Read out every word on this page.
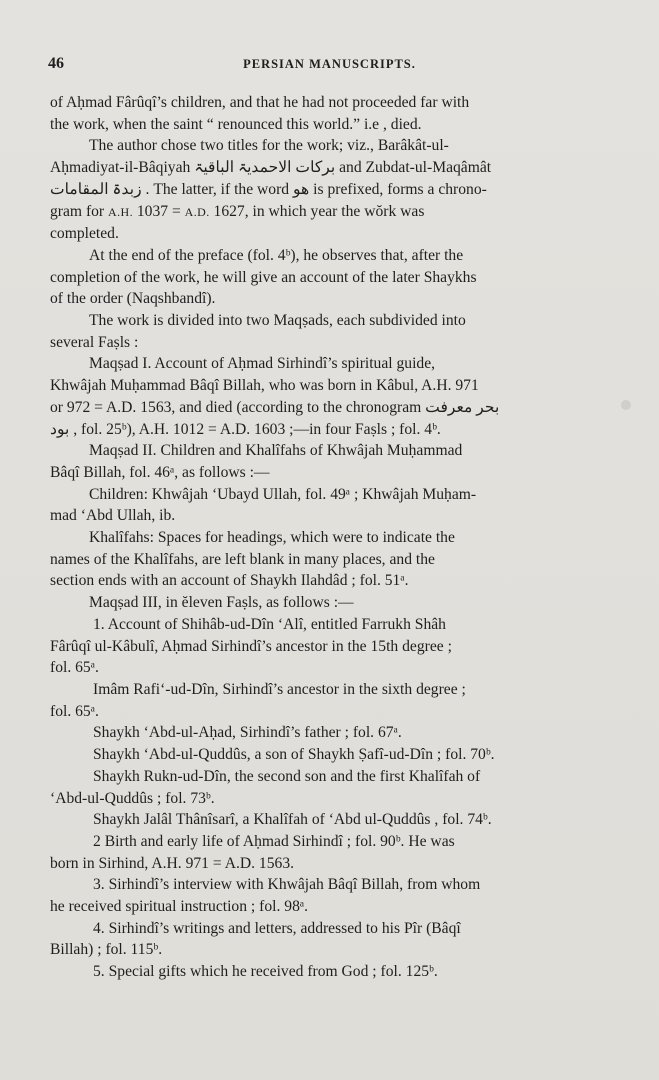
46	PERSIAN MANUSCRIPTS.

of Aḥmad Fârûqî’s children, and that he had not proceeded far with

the work, when the saint “ renounced this world.” i.e , died.

The author chose two titles for the work; viz., Barâkât-ul-

Aḥmadiyat-il-Bâqiyah برکات الاحمدیۃ الباقیۃ and Zubdat-ul-Maqâmât

زبدۃ المقامات . The latter, if the word هو is prefixed, forms a chrono-

gram for A.H. 1037 = A.D. 1627, in which year the wŏrk was

completed.

At the end of the preface (fol. 4ᵇ), he observes that, after the

completion of the work, he will give an account of the later Shaykhs

of the order (Naqshbandî).

The work is divided into two Maqṣads, each subdivided into

several Faṣls :

Maqṣad I. Account of Aḥmad Sirhindî’s spiritual guide,

Khwâjah Muḥammad Bâqî Billah, who was born in Kâbul, A.H. 971

or 972 = A.D. 1563, and died (according to the chronogram بحر معرفت

بود , fol. 25ᵇ), A.H. 1012 = A.D. 1603 ;—in four Faṣls ; fol. 4ᵇ.

Maqṣad II. Children and Khalîfahs of Khwâjah Muḥammad

Bâqî Billah, fol. 46ᵃ, as follows :—

Children: Khwâjah ‘Ubayd Ullah, fol. 49ᵃ ; Khwâjah Muḥam-

mad ‘Abd Ullah, ib.

Khalîfahs: Spaces for headings, which were to indicate the

names of the Khalîfahs, are left blank in many places, and the

section ends with an account of Shaykh Ilahdâd ; fol. 51ᵃ.

Maqṣad III, in ĕleven Faṣls, as follows :—

1. Account of Shihâb-ud-Dîn ‘Alî, entitled Farrukh Shâh

Fârûqî ul-Kâbulî, Aḥmad Sirhindî’s ancestor in the 15th degree ;

fol. 65ᵃ.

Imâm Rafi‘-ud-Dîn, Sirhindî’s ancestor in the sixth degree ;

fol. 65ᵃ.

Shaykh ‘Abd-ul-Aḥad, Sirhindî’s father ; fol. 67ᵃ.

Shaykh ‘Abd-ul-Quddûs, a son of Shaykh Ṣafî-ud-Dîn ; fol. 70ᵇ.

Shaykh Rukn-ud-Dîn, the second son and the first Khalîfah of

‘Abd-ul-Quddûs ; fol. 73ᵇ.

Shaykh Jalâl Thânîsarî, a Khalîfah of ‘Abd ul-Quddûs , fol. 74ᵇ.

2 Birth and early life of Aḥmad Sirhindî ; fol. 90ᵇ. He was

born in Sirhind, A.H. 971 = A.D. 1563.

3. Sirhindî’s interview with Khwâjah Bâqî Billah, from whom

he received spiritual instruction ; fol. 98ᵃ.

4. Sirhindî’s writings and letters, addressed to his Pîr (Bâqî

Billah) ; fol. 115ᵇ.

5. Special gifts which he received from God ; fol. 125ᵇ.
